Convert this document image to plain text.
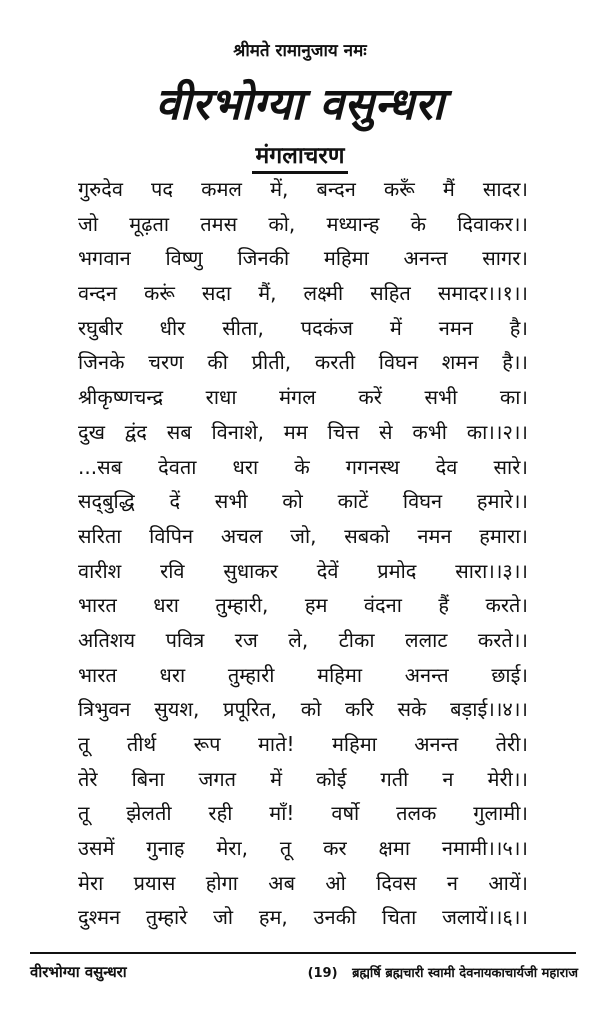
श्रीमते रामानुजाय नमः
वीरभोग्या वसुन्धरा
मंगलाचरण
गुरुदेव पद कमल में, बन्दन करूँ मैं सादर।
जो मूढ़ता तमस को, मध्यान्ह के दिवाकर।।
भगवान विष्णु जिनकी महिमा अनन्त सागर।
वन्दन करूं सदा मैं, लक्ष्मी सहित समादर।।१।।
रघुबीर धीर सीता, पदकंज में नमन है।
जिनके चरण की प्रीती, करती विघन शमन है।।
श्रीकृष्णचन्द्र राधा मंगल करें सभी का।
दुख द्वंद सब विनाशे, मम चित्त से कभी का।।२।।
...सब देवता धरा के गगनस्थ देव सारे।
सद्‌बुद्धि दें सभी को काटें विघन हमारे।।
सरिता विपिन अचल जो, सबको नमन हमारा।
वारीश रवि सुधाकर देवें प्रमोद सारा।।३।।
भारत धरा तुम्हारी, हम वंदना हैं करते।
अतिशय पवित्र रज ले, टीका ललाट करते।।
भारत धरा तुम्हारी महिमा अनन्त छाई।
त्रिभुवन सुयश, प्रपूरित, को करि सके बड़ाई।।४।।
तू तीर्थ रूप माते! महिमा अनन्त तेरी।
तेरे बिना जगत में कोई गती न मेरी।।
तू झेलती रही माँ! वर्षो तलक गुलामी।
उसमें गुनाह मेरा, तू कर क्षमा नमामी।।५।।
मेरा प्रयास होगा अब ओ दिवस न आयें।
दुश्मन तुम्हारे जो हम, उनकी चिता जलायें।।६।।
वीरभोग्या वसुन्धरा	(19) ब्रह्मर्षि ब्रह्मचारी स्वामी देवनायकाचार्यजी महाराज
